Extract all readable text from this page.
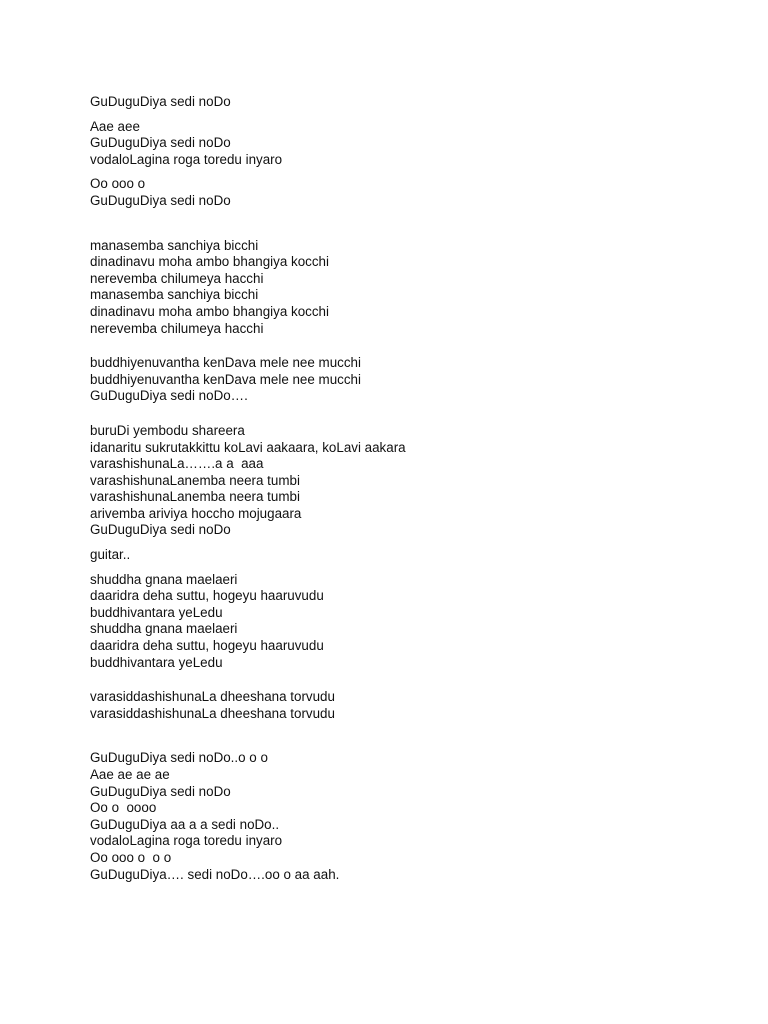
GuDuguDiya sedi noDo
Aae aee
GuDuguDiya sedi noDo
vodaloLagina roga toredu inyaro
Oo ooo o
GuDuguDiya sedi noDo
manasemba sanchiya bicchi
dinadinavu moha ambo bhangiya kocchi
nerevemba chilumeya hacchi
manasemba sanchiya bicchi
dinadinavu moha ambo bhangiya kocchi
nerevemba chilumeya hacchi
buddhiyenuvantha kenDava mele nee mucchi
buddhiyenuvantha kenDava mele nee mucchi
GuDuguDiya sedi noDo….
buruDi yembodu shareera
idanaritu sukrutakkittu koLavi aakaara, koLavi aakara
varashishunaLa…….a a  aaa
varashishunaLanemba neera tumbi
varashishunaLanemba neera tumbi
arivemba ariviya hoccho mojugaara
GuDuguDiya sedi noDo
guitar..
shuddha gnana maelaeri
daaridra deha suttu, hogeyu haaruvudu
buddhivantara yeLedu
shuddha gnana maelaeri
daaridra deha suttu, hogeyu haaruvudu
buddhivantara yeLedu
varasiddashishunaLa dheeshana torvudu
varasiddashishunaLa dheeshana torvudu
GuDuguDiya sedi noDo..o o o
Aae ae ae ae
GuDuguDiya sedi noDo
Oo o  oooo
GuDuguDiya aa a a sedi noDo..
vodaloLagina roga toredu inyaro
Oo ooo o  o o
GuDuguDiya…. sedi noDo….oo o aa aah.
